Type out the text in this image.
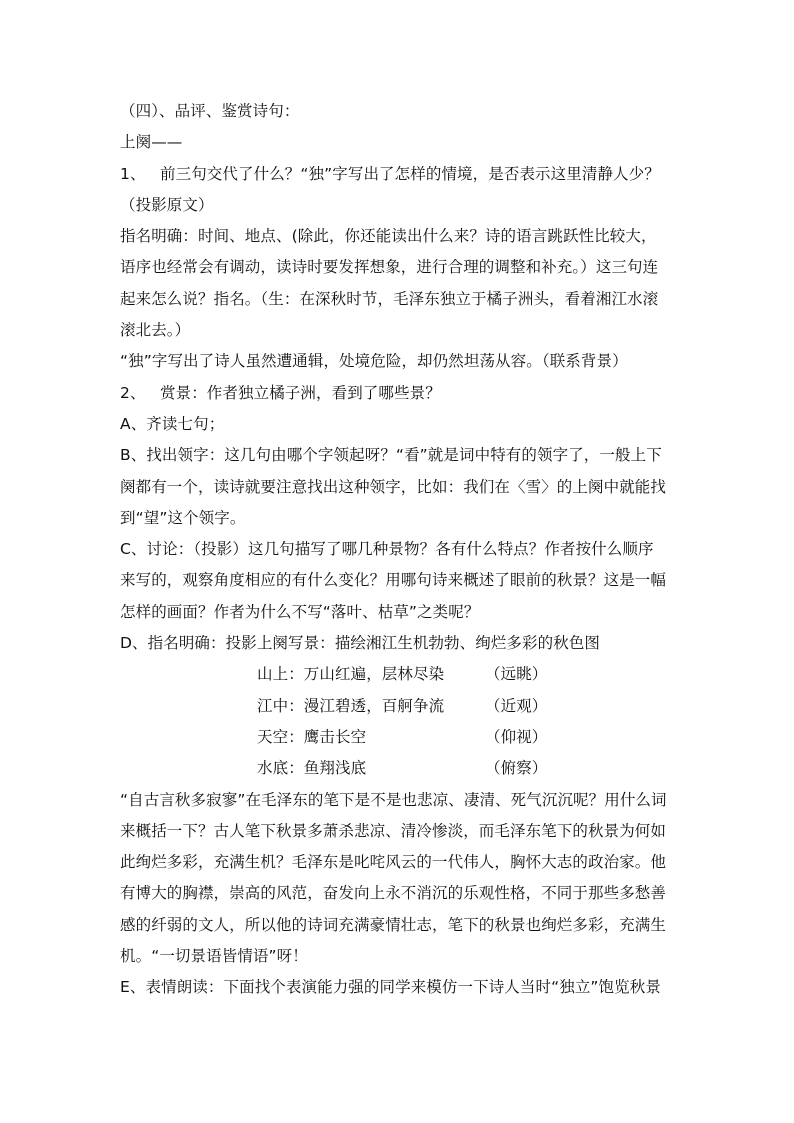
（四）、品评、鉴赏诗句：
上阕——
1、 前三句交代了什么？“独”字写出了怎样的情境，是否表示这里清静人少？
（投影原文）
指名明确：时间、地点、(除此，你还能读出什么来？诗的语言跳跃性比较大，
语序也经常会有调动，读诗时要发挥想象，进行合理的调整和补充。）这三句连
起来怎么说？指名。（生：在深秋时节，毛泽东独立于橘子洲头，看着湘江水滚
滚北去。）
“独”字写出了诗人虽然遭通辑，处境危险，却仍然坦荡从容。（联系背景）
2、 赏景：作者独立橘子洲，看到了哪些景？
A、齐读七句；
B、找出领字：这几句由哪个字领起呀？“看”就是词中特有的领字了，一般上下
阕都有一个，读诗就要注意找出这种领字，比如：我们在〈雪〉的上阕中就能找
到“望”这个领字。
C、讨论：（投影）这几句描写了哪几种景物？各有什么特点？作者按什么顺序
来写的，观察角度相应的有什么变化？用哪句诗来概述了眼前的秋景？这是一幅
怎样的画面？作者为什么不写“落叶、枯草”之类呢？
D、指名明确：投影上阕写景：描绘湘江生机勃勃、绚烂多彩的秋色图
山上：万山红遍，层林尽染	（远眺）
江中：漫江碧透，百舸争流	（近观）
天空：鹰击长空	（仰视）
水底：鱼翔浅底	（俯察）
“自古言秋多寂寥”在毛泽东的笔下是不是也悲凉、凄清、死气沉沉呢？用什么词
来概括一下？古人笔下秋景多萧杀悲凉、清冷惨淡，而毛泽东笔下的秋景为何如
此绚烂多彩，充满生机？毛泽东是叱咤风云的一代伟人，胸怀大志的政治家。他
有博大的胸襟，崇高的风范，奋发向上永不消沉的乐观性格，不同于那些多愁善
感的纤弱的文人，所以他的诗词充满豪情壮志，笔下的秋景也绚烂多彩，充满生
机。“一切景语皆情语”呀！
E、表情朗读：下面找个表演能力强的同学来模仿一下诗人当时“独立”饱览秋景
